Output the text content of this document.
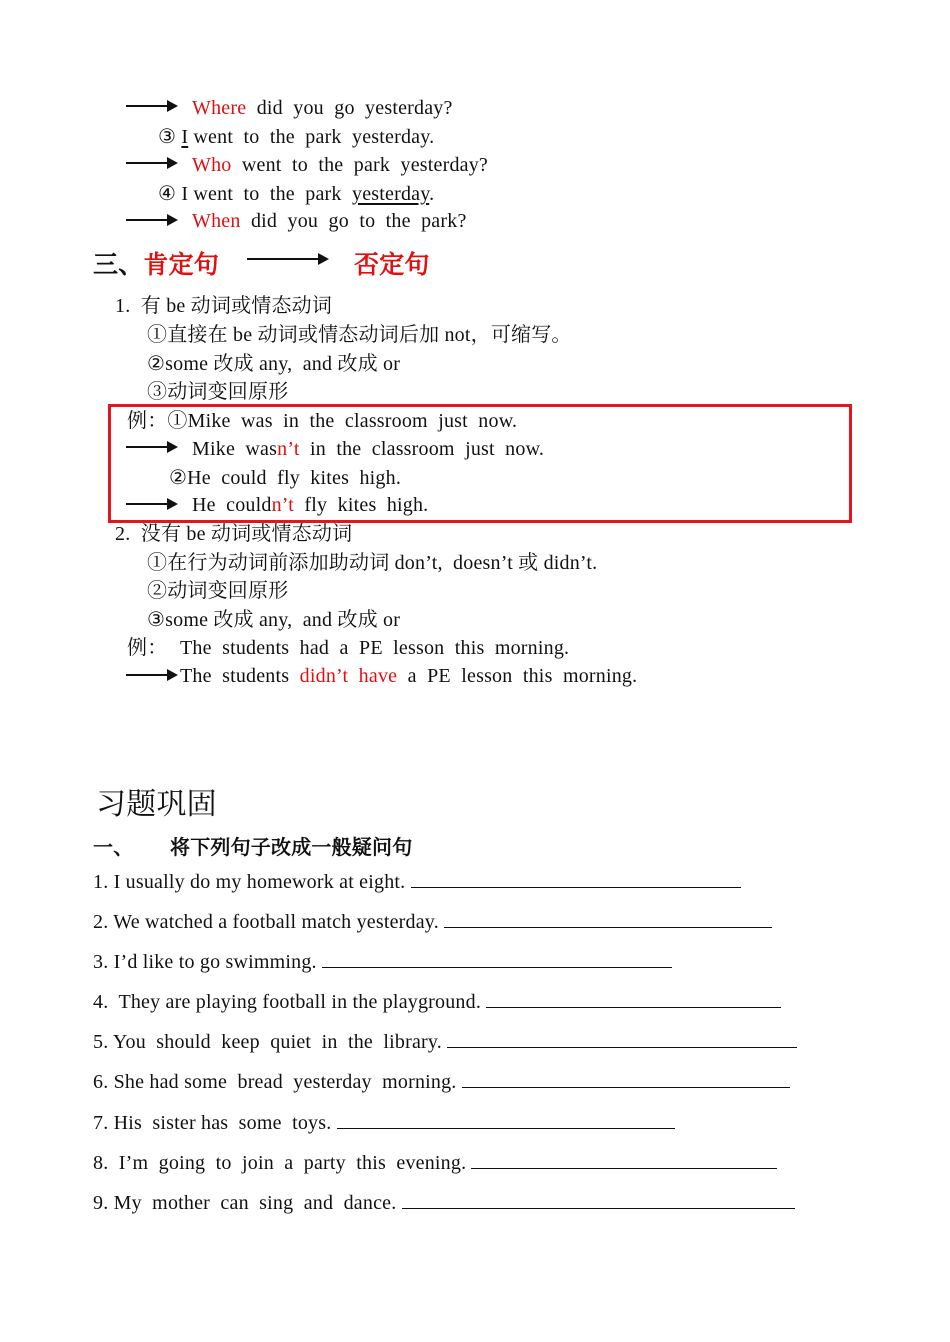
Where  did  you  go  yesterday?
③ I went  to  the  park  yesterday.
Who  went  to  the  park  yesterday?
④ I went  to  the  park  yesterday.
When  did  you  go  to  the  park?
三、肯定句	否定句
1.  有 be 动词或情态动词
①直接在 be 动词或情态动词后加 not，可缩写。
②some 改成 any,  and 改成 or
③动词变回原形
例：①Mike  was  in  the  classroom  just  now.
Mike  wasn’t  in  the  classroom  just  now.
②He  could  fly  kites  high.
He  couldn’t  fly  kites  high.
2.  没有 be 动词或情态动词
①在行为动词前添加助动词 don’t,  doesn’t 或 didn’t.
②动词变回原形
③some 改成 any,  and 改成 or
例： The  students  had  a  PE  lesson  this  morning.
The  students  didn’t  have  a  PE  lesson  this  morning.
习题巩固
一、 将下列句子改成一般疑问句
1. I usually do my homework at eight.
2. We watched a football match yesterday.
3. I’d like to go swimming.
4.  They are playing football in the playground.
5. You  should  keep  quiet  in  the  library.
6. She had some  bread  yesterday  morning.
7. His  sister has  some  toys.
8.  I’m  going  to  join  a  party  this  evening.
9. My  mother  can  sing  and  dance.
